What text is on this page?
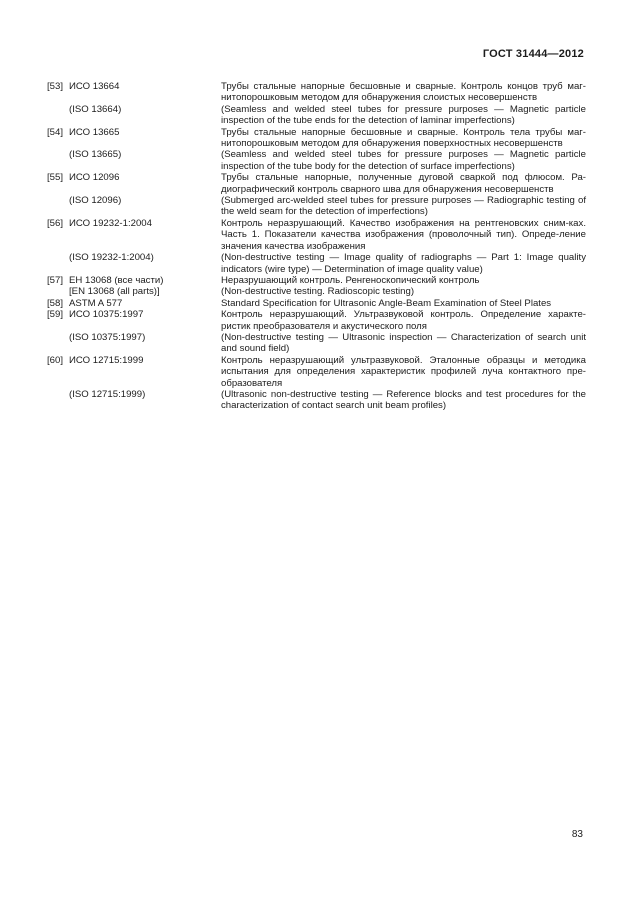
ГОСТ 31444—2012
[53] ИСО 13664	Трубы стальные напорные бесшовные и сварные. Контроль концов труб маг-нитопорошковым методом для обнаружения слоистых несовершенств
(ISO 13664)	(Seamless and welded steel tubes for pressure purposes — Magnetic particle inspection of the tube ends for the detection of laminar imperfections)
[54] ИСО 13665	Трубы стальные напорные бесшовные и сварные. Контроль тела трубы маг-нитопорошковым методом для обнаружения поверхностных несовершенств
(ISO 13665)	(Seamless and welded steel tubes for pressure purposes — Magnetic particle inspection of the tube body for the detection of surface imperfections)
[55] ИСО 12096	Трубы стальные напорные, полученные дуговой сваркой под флюсом. Ра-диографический контроль сварного шва для обнаружения несовершенств
(ISO 12096)	(Submerged arc-welded steel tubes for pressure purposes — Radiographic testing of the weld seam for the detection of imperfections)
[56] ИСО 19232-1:2004	Контроль неразрушающий. Качество изображения на рентгеновских сним-ках. Часть 1. Показатели качества изображения (проволочный тип). Опреде-ление значения качества изображения
(ISO 19232-1:2004)	(Non-destructive testing — Image quality of radiographs — Part 1: Image quality indicators (wire type) — Determination of image quality value)
[57] ЕН 13068 (все части)	Неразрушающий контроль. Ренгеноскопический контроль
[EN 13068 (all parts)]	(Non-destructive testing. Radioscopic testing)
[58] ASTM A 577	Standard Specification for Ultrasonic Angle-Beam Examination of Steel Plates
[59] ИСО 10375:1997	Контроль неразрушающий. Ультразвуковой контроль. Определение характе-ристик преобразователя и акустического поля
(ISO 10375:1997)	(Non-destructive testing — Ultrasonic inspection — Characterization of search unit and sound field)
[60] ИСО 12715:1999	Контроль неразрушающий ультразвуковой. Эталонные образцы и методика испытания для определения характеристик профилей луча контактного пре-образователя
(ISO 12715:1999)	(Ultrasonic non-destructive testing — Reference blocks and test procedures for the characterization of contact search unit beam profiles)
83
